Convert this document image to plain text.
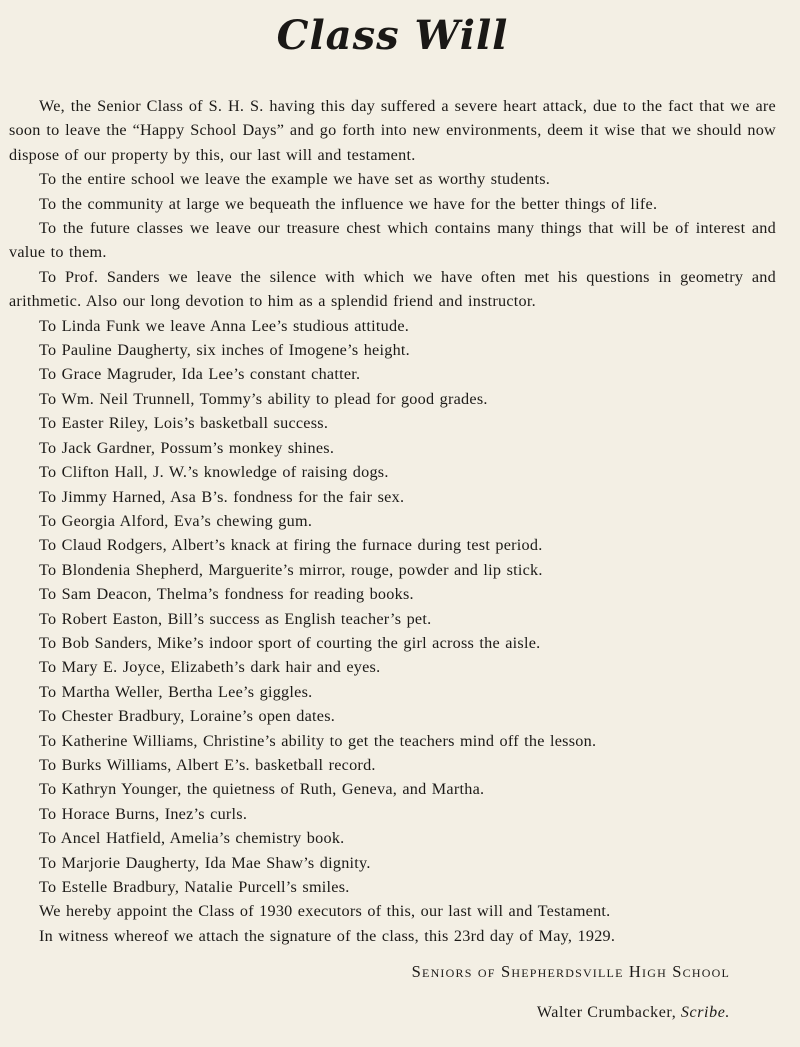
Class Will

We, the Senior Class of S. H. S. having this day suffered a severe heart attack, due to the fact that we are soon to leave the “Happy School Days” and go forth into new environments, deem it wise that we should now dispose of our property by this, our last will and testament.

To the entire school we leave the example we have set as worthy students.

To the community at large we bequeath the influence we have for the better things of life.

To the future classes we leave our treasure chest which contains many things that will be of interest and value to them.

To Prof. Sanders we leave the silence with which we have often met his questions in geometry and arithmetic. Also our long devotion to him as a splendid friend and instructor.

To Linda Funk we leave Anna Lee’s studious attitude.

To Pauline Daugherty, six inches of Imogene’s height.

To Grace Magruder, Ida Lee’s constant chatter.

To Wm. Neil Trunnell, Tommy’s ability to plead for good grades.

To Easter Riley, Lois’s basketball success.

To Jack Gardner, Possum’s monkey shines.

To Clifton Hall, J. W.’s knowledge of raising dogs.

To Jimmy Harned, Asa B’s. fondness for the fair sex.

To Georgia Alford, Eva’s chewing gum.

To Claud Rodgers, Albert’s knack at firing the furnace during test period.

To Blondenia Shepherd, Marguerite’s mirror, rouge, powder and lip stick.

To Sam Deacon, Thelma’s fondness for reading books.

To Robert Easton, Bill’s success as English teacher’s pet.

To Bob Sanders, Mike’s indoor sport of courting the girl across the aisle.

To Mary E. Joyce, Elizabeth’s dark hair and eyes.

To Martha Weller, Bertha Lee’s giggles.

To Chester Bradbury, Loraine’s open dates.

To Katherine Williams, Christine’s ability to get the teachers mind off the lesson.

To Burks Williams, Albert E’s. basketball record.

To Kathryn Younger, the quietness of Ruth, Geneva, and Martha.

To Horace Burns, Inez’s curls.

To Ancel Hatfield, Amelia’s chemistry book.

To Marjorie Daugherty, Ida Mae Shaw’s dignity.

To Estelle Bradbury, Natalie Purcell’s smiles.

We hereby appoint the Class of 1930 executors of this, our last will and Testament.

In witness whereof we attach the signature of the class, this 23rd day of May, 1929.

Seniors of Shepherdsville High School
Walter Crumbacker, Scribe.
